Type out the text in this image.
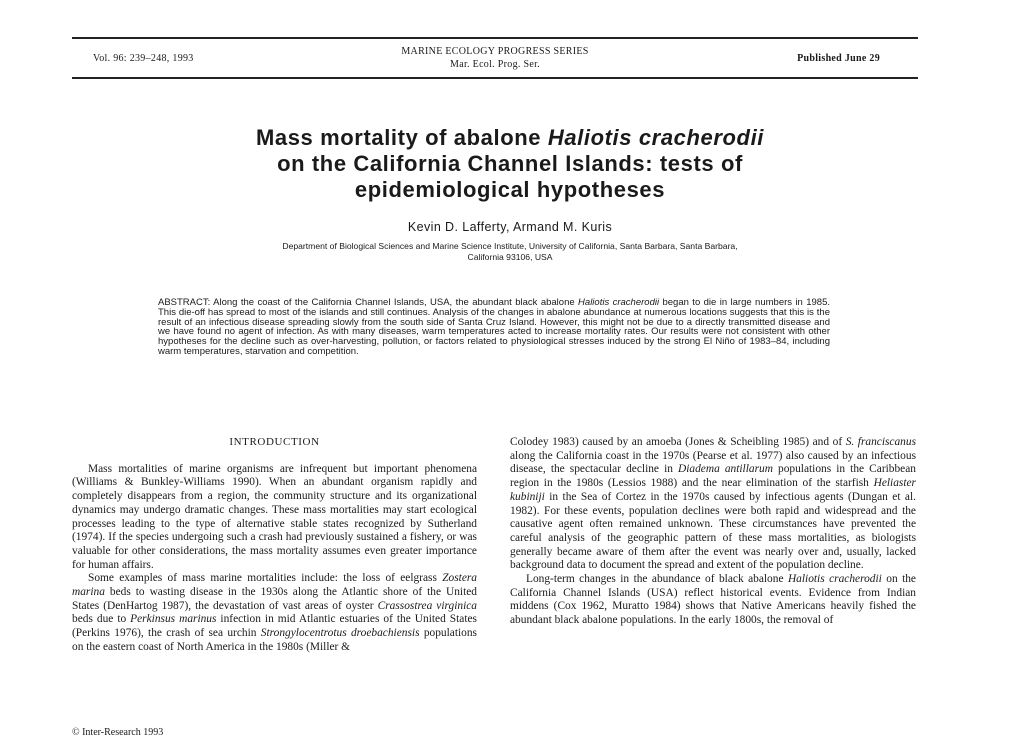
Vol. 96: 239–248, 1993
MARINE ECOLOGY PROGRESS SERIES
Mar. Ecol. Prog. Ser.
Published June 29
Mass mortality of abalone Haliotis cracherodii
on the California Channel Islands: tests of
epidemiological hypotheses
Kevin D. Lafferty, Armand M. Kuris
Department of Biological Sciences and Marine Science Institute, University of California, Santa Barbara, Santa Barbara,
California 93106, USA
ABSTRACT: Along the coast of the California Channel Islands, USA, the abundant black abalone Haliotis cracherodii began to die in large numbers in 1985. This die-off has spread to most of the islands and still continues. Analysis of the changes in abalone abundance at numerous locations suggests that this is the result of an infectious disease spreading slowly from the south side of Santa Cruz Island. However, this might not be due to a directly transmitted disease and we have found no agent of infection. As with many diseases, warm temperatures acted to increase mortality rates. Our results were not consistent with other hypotheses for the decline such as over-harvesting, pollution, or factors related to physiological stresses induced by the strong El Niño of 1983–84, including warm temperatures, starvation and competition.
INTRODUCTION

Mass mortalities of marine organisms are infrequent but important phenomena (Williams & Bunkley-Williams 1990). When an abundant organism rapidly and completely disappears from a region, the community structure and its organizational dynamics may undergo dramatic changes. These mass mortalities may start ecological processes leading to the type of alternative stable states recognized by Sutherland (1974). If the species undergoing such a crash had previously sustained a fishery, or was valuable for other considerations, the mass mortality assumes even greater importance for human affairs.

Some examples of mass marine mortalities include: the loss of eelgrass Zostera marina beds to wasting disease in the 1930s along the Atlantic shore of the United States (DenHartog 1987), the devastation of vast areas of oyster Crassostrea virginica beds due to Perkinsus marinus infection in mid Atlantic estuaries of the United States (Perkins 1976), the crash of sea urchin Strongylocentrotus droebachiensis populations on the eastern coast of North America in the 1980s (Miller &

Colodey 1983) caused by an amoeba (Jones & Scheibling 1985) and of S. franciscanus along the California coast in the 1970s (Pearse et al. 1977) also caused by an infectious disease, the spectacular decline in Diadema antillarum populations in the Caribbean region in the 1980s (Lessios 1988) and the near elimination of the starfish Heliaster kubiniji in the Sea of Cortez in the 1970s caused by infectious agents (Dungan et al. 1982). For these events, population declines were both rapid and widespread and the causative agent often remained unknown. These circumstances have prevented the careful analysis of the geographic pattern of these mass mortalities, as biologists generally became aware of them after the event was nearly over and, usually, lacked background data to document the spread and extent of the population decline.

Long-term changes in the abundance of black abalone Haliotis cracherodii on the California Channel Islands (USA) reflect historical events. Evidence from Indian middens (Cox 1962, Muratto 1984) shows that Native Americans heavily fished the abundant black abalone populations. In the early 1800s, the removal of

© Inter-Research 1993
